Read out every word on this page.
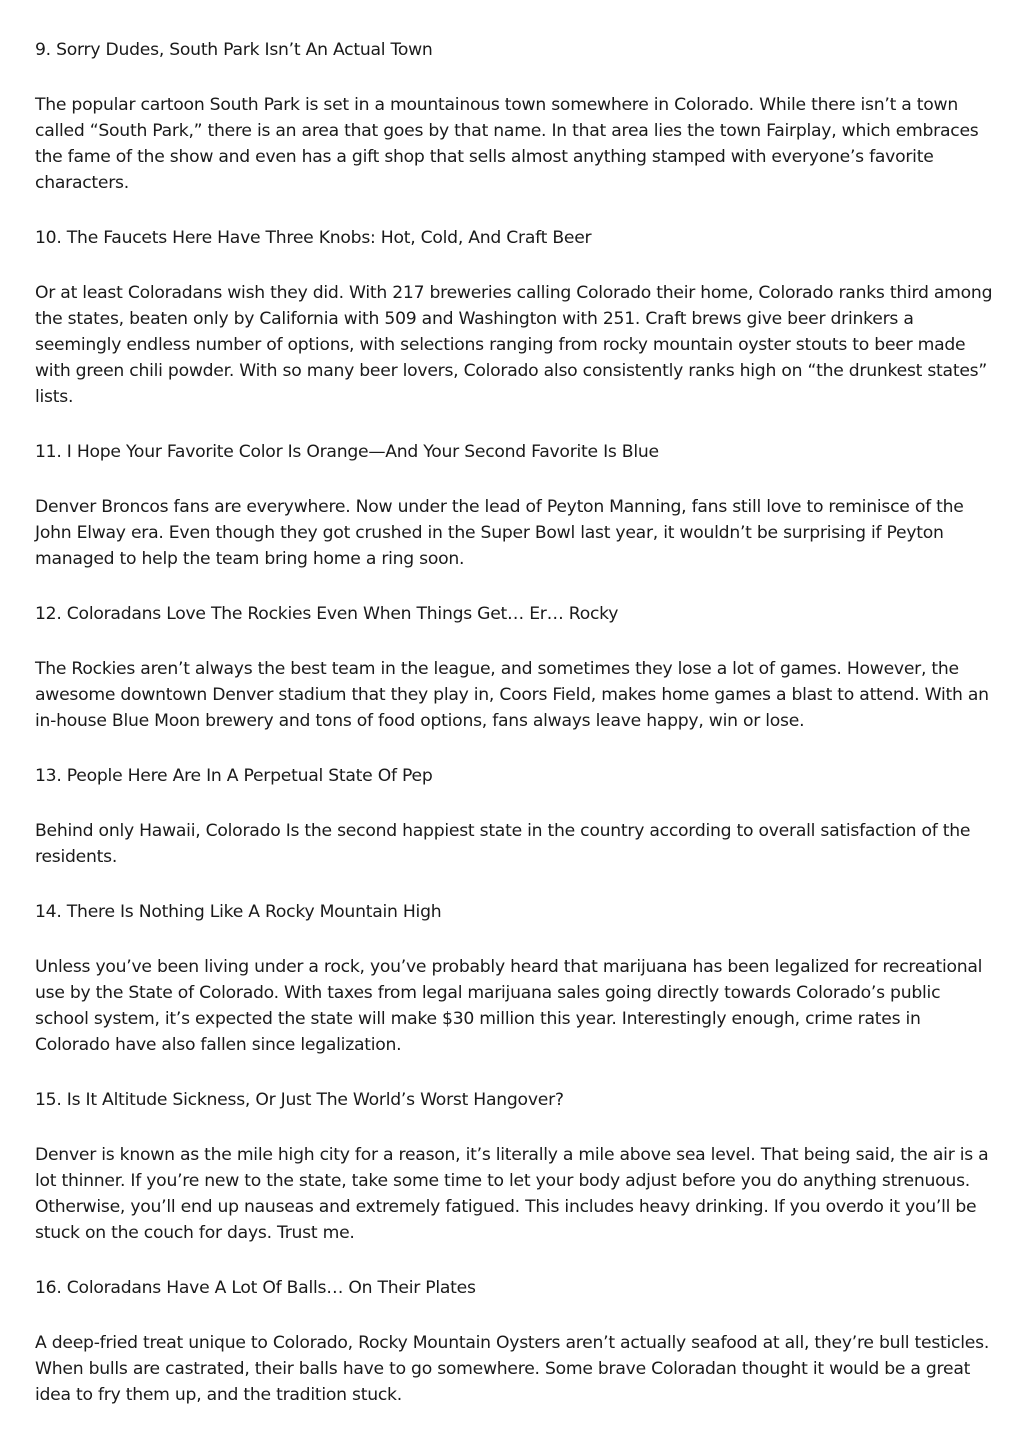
9. Sorry Dudes, South Park Isn’t An Actual Town

The popular cartoon South Park is set in a mountainous town somewhere in Colorado. While there isn’t a town called “South Park,” there is an area that goes by that name. In that area lies the town Fairplay, which embraces the fame of the show and even has a gift shop that sells almost anything stamped with everyone’s favorite characters.

10. The Faucets Here Have Three Knobs: Hot, Cold, And Craft Beer

Or at least Coloradans wish they did. With 217 breweries calling Colorado their home, Colorado ranks third among the states, beaten only by California with 509 and Washington with 251. Craft brews give beer drinkers a seemingly endless number of options, with selections ranging from rocky mountain oyster stouts to beer made with green chili powder. With so many beer lovers, Colorado also consistently ranks high on “the drunkest states” lists.

11. I Hope Your Favorite Color Is Orange—And Your Second Favorite Is Blue

Denver Broncos fans are everywhere. Now under the lead of Peyton Manning, fans still love to reminisce of the John Elway era. Even though they got crushed in the Super Bowl last year, it wouldn’t be surprising if Peyton managed to help the team bring home a ring soon.

12. Coloradans Love The Rockies Even When Things Get… Er… Rocky

The Rockies aren’t always the best team in the league, and sometimes they lose a lot of games. However, the awesome downtown Denver stadium that they play in, Coors Field, makes home games a blast to attend. With an in-house Blue Moon brewery and tons of food options, fans always leave happy, win or lose.

13. People Here Are In A Perpetual State Of Pep

Behind only Hawaii, Colorado Is the second happiest state in the country according to overall satisfaction of the residents.

14. There Is Nothing Like A Rocky Mountain High

Unless you’ve been living under a rock, you’ve probably heard that marijuana has been legalized for recreational use by the State of Colorado. With taxes from legal marijuana sales going directly towards Colorado’s public school system, it’s expected the state will make $30 million this year. Interestingly enough, crime rates in Colorado have also fallen since legalization.

15. Is It Altitude Sickness, Or Just The World’s Worst Hangover?

Denver is known as the mile high city for a reason, it’s literally a mile above sea level. That being said, the air is a lot thinner. If you’re new to the state, take some time to let your body adjust before you do anything strenuous. Otherwise, you’ll end up nauseas and extremely fatigued. This includes heavy drinking. If you overdo it you’ll be stuck on the couch for days. Trust me.

16. Coloradans Have A Lot Of Balls… On Their Plates

A deep-fried treat unique to Colorado, Rocky Mountain Oysters aren’t actually seafood at all, they’re bull testicles. When bulls are castrated, their balls have to go somewhere. Some brave Coloradan thought it would be a great idea to fry them up, and the tradition stuck.
